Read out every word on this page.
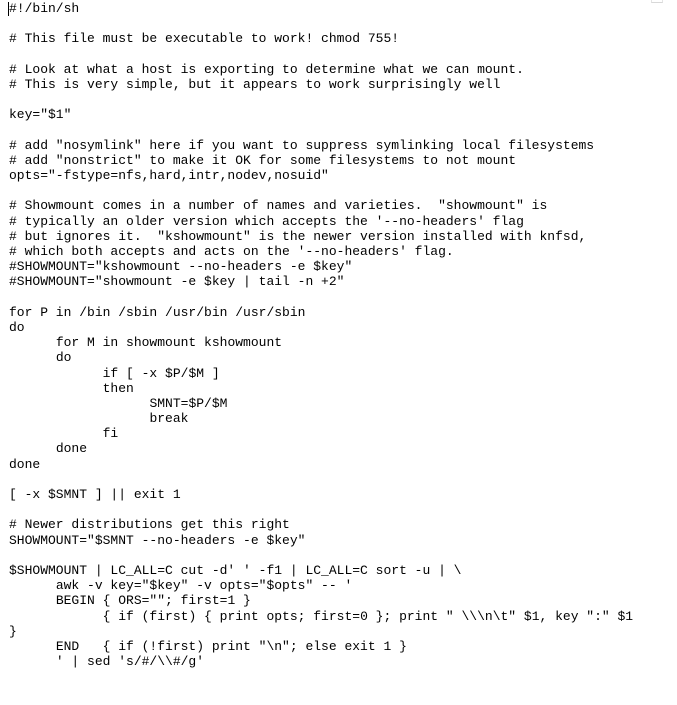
#!/bin/sh
# This file must be executable to work! chmod 755!
# Look at what a host is exporting to determine what we can mount.
# This is very simple, but it appears to work surprisingly well
key="$1"
# add "nosymlink" here if you want to suppress symlinking local filesystems
# add "nonstrict" to make it OK for some filesystems to not mount
opts="-fstype=nfs,hard,intr,nodev,nosuid"
# Showmount comes in a number of names and varieties.  "showmount" is
# typically an older version which accepts the '--no-headers' flag
# but ignores it.  "kshowmount" is the newer version installed with knfsd,
# which both accepts and acts on the '--no-headers' flag.
#SHOWMOUNT="kshowmount --no-headers -e $key"
#SHOWMOUNT="showmount -e $key | tail -n +2"
for P in /bin /sbin /usr/bin /usr/sbin
do
	for M in showmount kshowmount
	do
		if [ -x $P/$M ]
		then
			SMNT=$P/$M
			break
		fi
	done
done
[ -x $SMNT ] || exit 1
# Newer distributions get this right
SHOWMOUNT="$SMNT --no-headers -e $key"
$SHOWMOUNT | LC_ALL=C cut -d' ' -f1 | LC_ALL=C sort -u | \
	awk -v key="$key" -v opts="$opts" -- '
	BEGIN { ORS=""; first=1 }
		{ if (first) { print opts; first=0 }; print " \\\n\t" $1, key ":" $1
}
	END   { if (!first) print "\n"; else exit 1 }
	' | sed 's/#/\\#/g'
